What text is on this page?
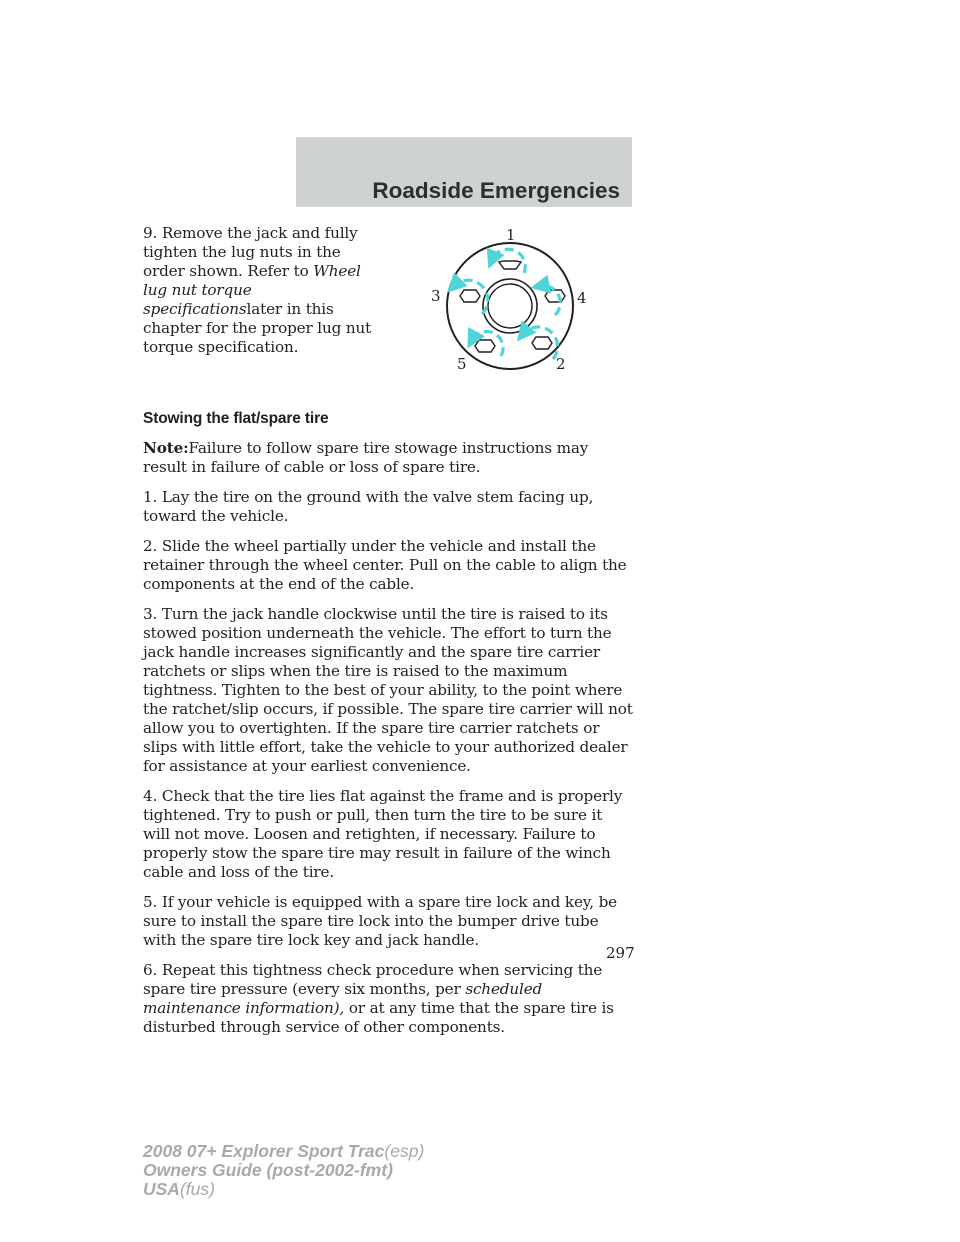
Roadside Emergencies

9. Remove the jack and fully tighten the lug nuts in the order shown. Refer to Wheel lug nut torque specificationslater in this chapter for the proper lug nut torque specification.

1
3	4
5	2

Stowing the flat/spare tire

Note:Failure to follow spare tire stowage instructions may result in failure of cable or loss of spare tire.

1. Lay the tire on the ground with the valve stem facing up, toward the vehicle.

2. Slide the wheel partially under the vehicle and install the retainer through the wheel center. Pull on the cable to align the components at the end of the cable.

3. Turn the jack handle clockwise until the tire is raised to its stowed position underneath the vehicle. The effort to turn the jack handle increases significantly and the spare tire carrier ratchets or slips when the tire is raised to the maximum tightness. Tighten to the best of your ability, to the point where the ratchet/slip occurs, if possible. The spare tire carrier will not allow you to overtighten. If the spare tire carrier ratchets or slips with little effort, take the vehicle to your authorized dealer for assistance at your earliest convenience.

4. Check that the tire lies flat against the frame and is properly tightened. Try to push or pull, then turn the tire to be sure it will not move. Loosen and retighten, if necessary. Failure to properly stow the spare tire may result in failure of the winch cable and loss of the tire.

5. If your vehicle is equipped with a spare tire lock and key, be sure to install the spare tire lock into the bumper drive tube with the spare tire lock key and jack handle.

6. Repeat this tightness check procedure when servicing the spare tire pressure (every six months, per scheduled maintenance information), or at any time that the spare tire is disturbed through service of other components.

297
2008 07+ Explorer Sport Trac(esp)
Owners Guide (post-2002-fmt)
USA(fus)
